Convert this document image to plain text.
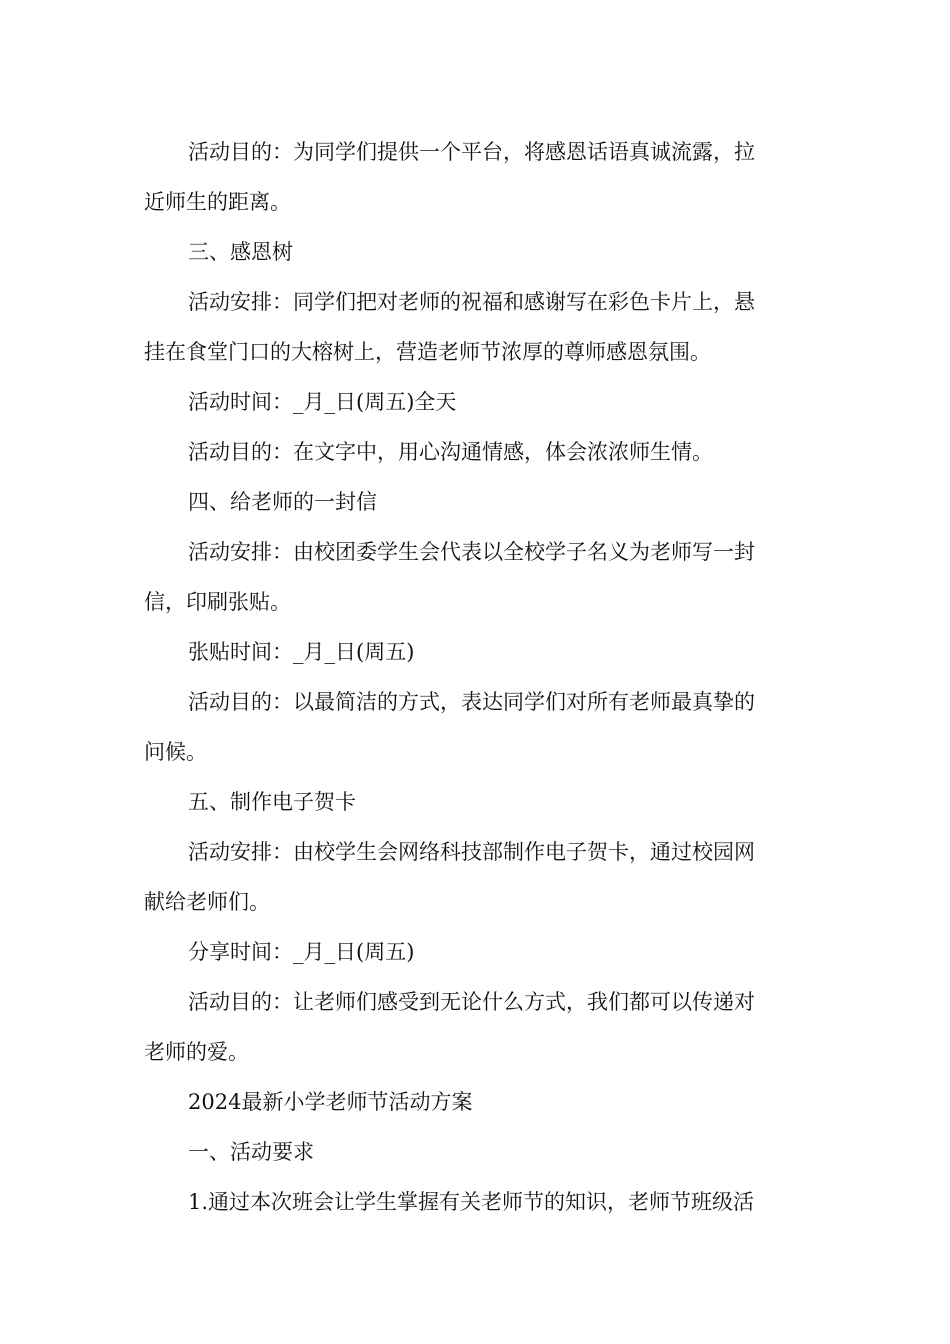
活动目的：为同学们提供一个平台，将感恩话语真诚流露，拉

近师生的距离。

三、感恩树

活动安排：同学们把对老师的祝福和感谢写在彩色卡片上，悬

挂在食堂门口的大榕树上，营造老师节浓厚的尊师感恩氛围。

活动时间：_月_日(周五)全天

活动目的：在文字中，用心沟通情感，体会浓浓师生情。

四、给老师的一封信

活动安排：由校团委学生会代表以全校学子名义为老师写一封

信，印刷张贴。

张贴时间：_月_日(周五)

活动目的：以最简洁的方式，表达同学们对所有老师最真挚的

问候。

五、制作电子贺卡

活动安排：由校学生会网络科技部制作电子贺卡，通过校园网

献给老师们。

分享时间：_月_日(周五)

活动目的：让老师们感受到无论什么方式，我们都可以传递对

老师的爱。

2024最新小学老师节活动方案

一、活动要求

1.通过本次班会让学生掌握有关老师节的知识，老师节班级活
